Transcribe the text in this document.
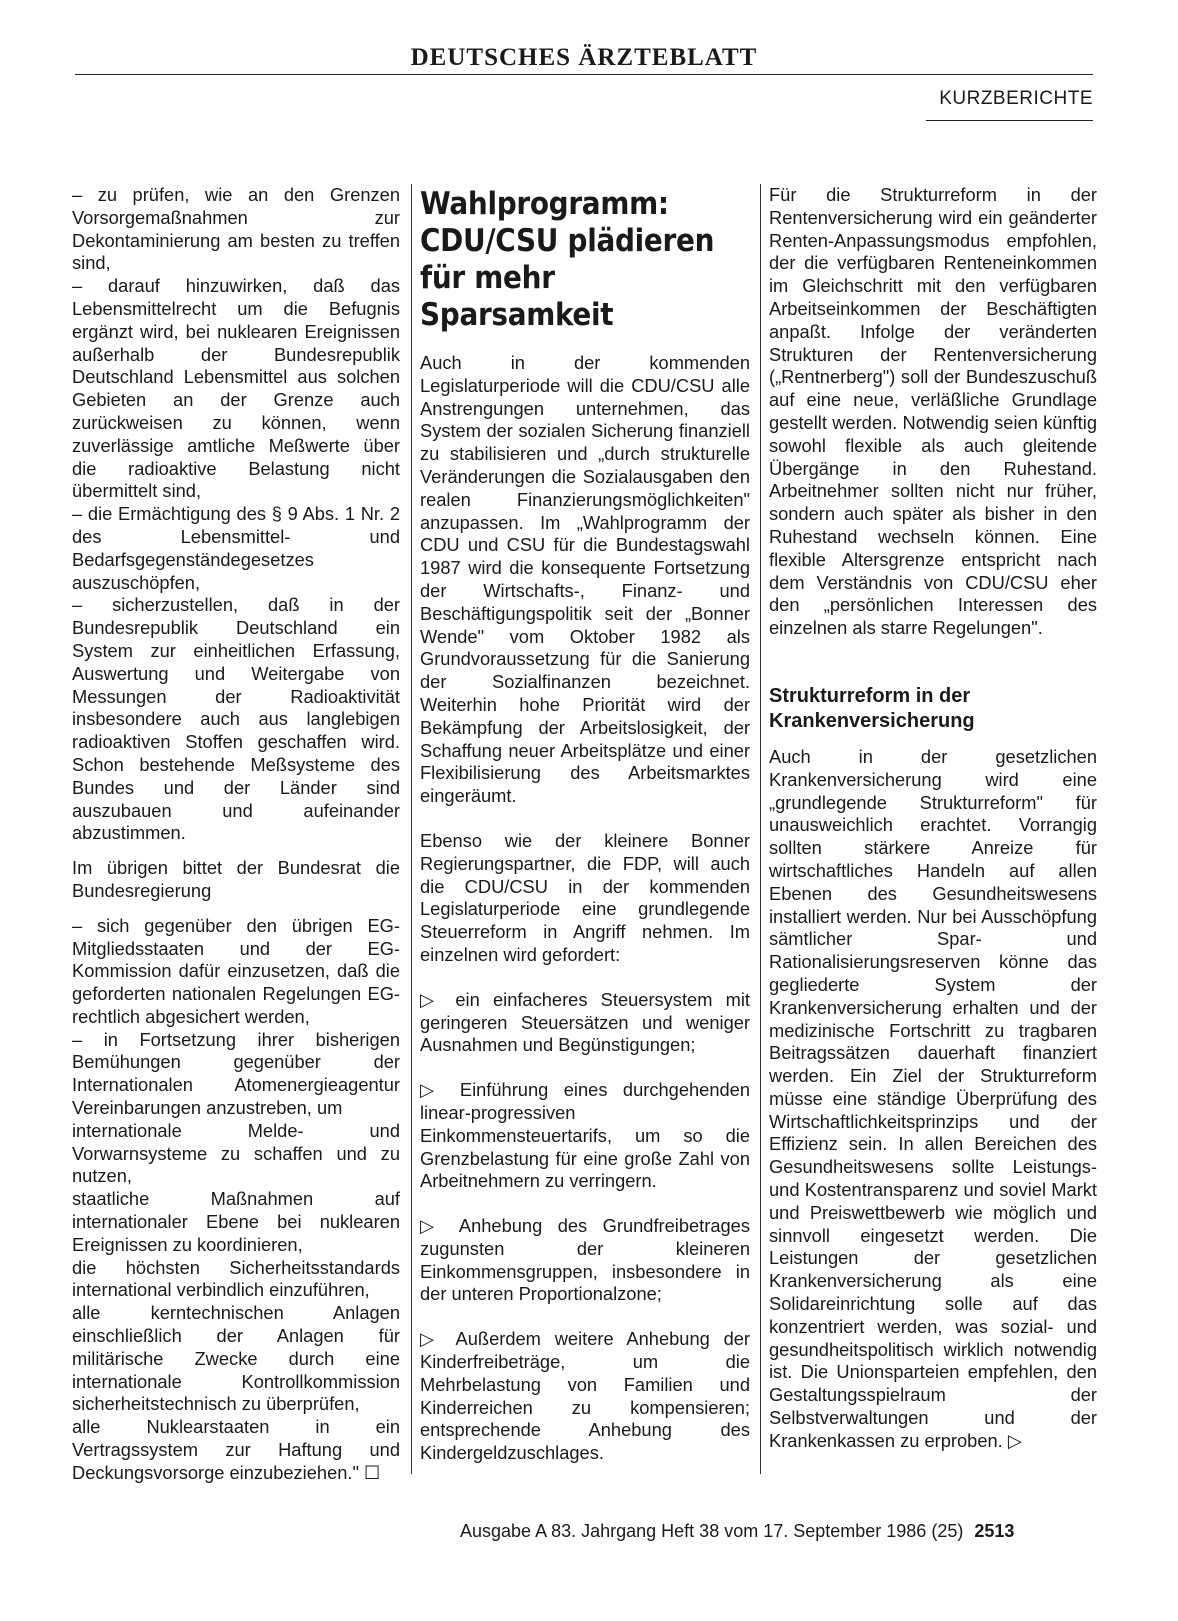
DEUTSCHES ÄRZTEBLATT
KURZBERICHTE

– zu prüfen, wie an den Grenzen Vorsorgemaßnahmen zur Dekontaminierung am besten zu treffen sind,

– darauf hinzuwirken, daß das Lebensmittelrecht um die Befugnis ergänzt wird, bei nuklearen Ereignissen außerhalb der Bundesrepublik Deutschland Lebensmittel aus solchen Gebieten an der Grenze auch zurückweisen zu können, wenn zuverlässige amtliche Meßwerte über die radioaktive Belastung nicht übermittelt sind,

– die Ermächtigung des § 9 Abs. 1 Nr. 2 des Lebensmittel- und Bedarfsgegenständegesetzes auszuschöpfen,

– sicherzustellen, daß in der Bundesrepublik Deutschland ein System zur einheitlichen Erfassung, Auswertung und Weitergabe von Messungen der Radioaktivität insbesondere auch aus langlebigen radioaktiven Stoffen geschaffen wird. Schon bestehende Meßsysteme des Bundes und der Länder sind auszubauen und aufeinander abzustimmen.

Im übrigen bittet der Bundesrat die Bundesregierung

– sich gegenüber den übrigen EG-Mitgliedsstaaten und der EG-Kommission dafür einzusetzen, daß die geforderten nationalen Regelungen EG-rechtlich abgesichert werden,

– in Fortsetzung ihrer bisherigen Bemühungen gegenüber der Internationalen Atomenergieagentur Vereinbarungen anzustreben, um

internationale Melde- und Vorwarnsysteme zu schaffen und zu nutzen,

staatliche Maßnahmen auf internationaler Ebene bei nuklearen Ereignissen zu koordinieren,

die höchsten Sicherheitsstandards international verbindlich einzuführen,

alle kerntechnischen Anlagen einschließlich der Anlagen für militärische Zwecke durch eine internationale Kontrollkommission sicherheitstechnisch zu überprüfen,

alle Nuklearstaaten in ein Vertragssystem zur Haftung und Deckungsvorsorge einzubeziehen." ☐

Wahlprogramm: CDU/CSU plädieren für mehr Sparsamkeit

Auch in der kommenden Legislaturperiode will die CDU/CSU alle Anstrengungen unternehmen, das System der sozialen Sicherung finanziell zu stabilisieren und „durch strukturelle Veränderungen die Sozialausgaben den realen Finanzierungsmöglichkeiten" anzupassen. Im „Wahlprogramm der CDU und CSU für die Bundestagswahl 1987 wird die konsequente Fortsetzung der Wirtschafts-, Finanz- und Beschäftigungspolitik seit der „Bonner Wende" vom Oktober 1982 als Grundvoraussetzung für die Sanierung der Sozialfinanzen bezeichnet. Weiterhin hohe Priorität wird der Bekämpfung der Arbeitslosigkeit, der Schaffung neuer Arbeitsplätze und einer Flexibilisierung des Arbeitsmarktes eingeräumt.

Ebenso wie der kleinere Bonner Regierungspartner, die FDP, will auch die CDU/CSU in der kommenden Legislaturperiode eine grundlegende Steuerreform in Angriff nehmen. Im einzelnen wird gefordert:

▷ ein einfacheres Steuersystem mit geringeren Steuersätzen und weniger Ausnahmen und Begünstigungen;

▷ Einführung eines durchgehenden linear-progressiven Einkommensteuertarifs, um so die Grenzbelastung für eine große Zahl von Arbeitnehmern zu verringern.

▷ Anhebung des Grundfreibetrages zugunsten der kleineren Einkommensgruppen, insbesondere in der unteren Proportionalzone;

▷ Außerdem weitere Anhebung der Kinderfreibeträge, um die Mehrbelastung von Familien und Kinderreichen zu kompensieren; entsprechende Anhebung des Kindergeldzuschlages.

Für die Strukturreform in der Rentenversicherung wird ein geänderter Renten-Anpassungsmodus empfohlen, der die verfügbaren Renteneinkommen im Gleichschritt mit den verfügbaren Arbeitseinkommen der Beschäftigten anpaßt. Infolge der veränderten Strukturen der Rentenversicherung („Rentnerberg") soll der Bundeszuschuß auf eine neue, verläßliche Grundlage gestellt werden. Notwendig seien künftig sowohl flexible als auch gleitende Übergänge in den Ruhestand. Arbeitnehmer sollten nicht nur früher, sondern auch später als bisher in den Ruhestand wechseln können. Eine flexible Altersgrenze entspricht nach dem Verständnis von CDU/CSU eher den „persönlichen Interessen des einzelnen als starre Regelungen".

Strukturreform in der Krankenversicherung

Auch in der gesetzlichen Krankenversicherung wird eine „grundlegende Strukturreform" für unausweichlich erachtet. Vorrangig sollten stärkere Anreize für wirtschaftliches Handeln auf allen Ebenen des Gesundheitswesens installiert werden. Nur bei Ausschöpfung sämtlicher Spar- und Rationalisierungsreserven könne das gegliederte System der Krankenversicherung erhalten und der medizinische Fortschritt zu tragbaren Beitragssätzen dauerhaft finanziert werden. Ein Ziel der Strukturreform müsse eine ständige Überprüfung des Wirtschaftlichkeitsprinzips und der Effizienz sein. In allen Bereichen des Gesundheitswesens sollte Leistungs- und Kostentransparenz und soviel Markt und Preiswettbewerb wie möglich und sinnvoll eingesetzt werden. Die Leistungen der gesetzlichen Krankenversicherung als eine Solidareinrichtung solle auf das konzentriert werden, was sozial- und gesundheitspolitisch wirklich notwendig ist. Die Unionsparteien empfehlen, den Gestaltungsspielraum der Selbstverwaltungen und der Krankenkassen zu erproben. ▷

Ausgabe A 83. Jahrgang Heft 38 vom 17. September 1986 (25) 2513
